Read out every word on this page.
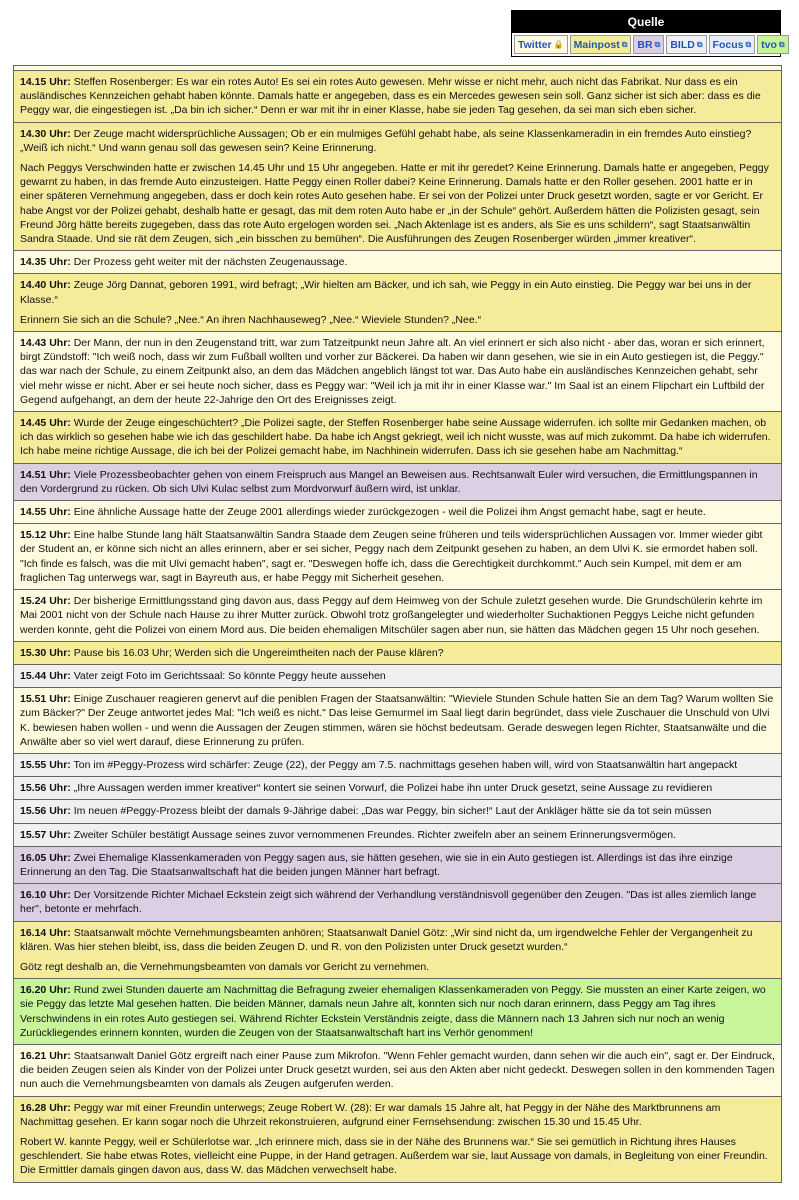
Quelle
Twitter 🔒 Mainpost ⧉ BR ⧉ BILD ⧉ Focus ⧉ tvo ⧉

14.15 Uhr: Steffen Rosenberger: Es war ein rotes Auto! Es sei ein rotes Auto gewesen. Mehr wisse er nicht mehr, auch nicht das Fabrikat. Nur dass es ein ausländisches Kennzeichen gehabt haben könnte. Damals hatte er angegeben, dass es ein Mercedes gewesen sein soll. Ganz sicher ist sich aber: dass es die Peggy war, die eingestiegen ist. „Da bin ich sicher.“ Denn er war mit ihr in einer Klasse, habe sie jeden Tag gesehen, da sei man sich eben sicher.

14.30 Uhr: Der Zeuge macht widersprüchliche Aussagen; Ob er ein mulmiges Gefühl gehabt habe, als seine Klassenkameradin in ein fremdes Auto einstieg? „Weiß ich nicht.“ Und wann genau soll das gewesen sein? Keine Erinnerung.

Nach Peggys Verschwinden hatte er zwischen 14.45 Uhr und 15 Uhr angegeben. Hatte er mit ihr geredet? Keine Erinnerung. Damals hatte er angegeben, Peggy gewarnt zu haben, in das fremde Auto einzusteigen. Hatte Peggy einen Roller dabei? Keine Erinnerung. Damals hatte er den Roller gesehen. 2001 hatte er in einer späteren Vernehmung angegeben, dass er doch kein rotes Auto gesehen habe. Er sei von der Polizei unter Druck gesetzt worden, sagte er vor Gericht. Er habe Angst vor der Polizei gehabt, deshalb hatte er gesagt, das mit dem roten Auto habe er „in der Schule“ gehört. Außerdem hätten die Polizisten gesagt, sein Freund Jörg hätte bereits zugegeben, dass das rote Auto ergelogen worden sei. „Nach Aktenlage ist es anders, als Sie es uns schildern“, sagt Staatsanwältin Sandra Staade. Und sie rät dem Zeugen, sich „ein bisschen zu bemühen“. Die Ausführungen des Zeugen Rosenberger würden „immer kreativer“.

14.35 Uhr: Der Prozess geht weiter mit der nächsten Zeugenaussage.

14.40 Uhr: Zeuge Jörg Dannat, geboren 1991, wird befragt; „Wir hielten am Bäcker, und ich sah, wie Peggy in ein Auto einstieg. Die Peggy war bei uns in der Klasse.“

Erinnern Sie sich an die Schule? „Nee.“ An ihren Nachhauseweg? „Nee.“ Wieviele Stunden? „Nee.“

14.43 Uhr: Der Mann, der nun in den Zeugenstand tritt, war zum Tatzeitpunkt neun Jahre alt. An viel erinnert er sich also nicht - aber das, woran er sich erinnert, birgt Zündstoff: "Ich weiß noch, dass wir zum Fußball wollten und vorher zur Bäckerei. Da haben wir dann gesehen, wie sie in ein Auto gestiegen ist, die Peggy." das war nach der Schule, zu einem Zeitpunkt also, an dem das Mädchen angeblich längst tot war. Das Auto habe ein ausländisches Kennzeichen gehabt, sehr viel mehr wisse er nicht. Aber er sei heute noch sicher, dass es Peggy war: "Weil ich ja mit ihr in einer Klasse war." Im Saal ist an einem Flipchart ein Luftbild der Gegend aufgehangt, an dem der heute 22-Jahrige den Ort des Ereignisses zeigt.

14.45 Uhr: Wurde der Zeuge eingeschüchtert? „Die Polizei sagte, der Steffen Rosenberger habe seine Aussage widerrufen. ich sollte mir Gedanken machen, ob ich das wirklich so gesehen habe wie ich das geschildert habe. Da habe ich Angst gekriegt, weil ich nicht wusste, was auf mich zukommt. Da habe ich widerrufen. Ich habe meine richtige Aussage, die ich bei der Polizei gemacht habe, im Nachhinein widerrufen. Dass ich sie gesehen habe am Nachmittag.“

14.51 Uhr: Viele Prozessbeobachter gehen von einem Freispruch aus Mangel an Beweisen aus. Rechtsanwalt Euler wird versuchen, die Ermittlungspannen in den Vordergrund zu rücken. Ob sich Ulvi Kulac selbst zum Mordvorwurf äußern wird, ist unklar.

14.55 Uhr: Eine ähnliche Aussage hatte der Zeuge 2001 allerdings wieder zurückgezogen - weil die Polizei ihm Angst gemacht habe, sagt er heute.

15.12 Uhr: Eine halbe Stunde lang hält Staatsanwältin Sandra Staade dem Zeugen seine früheren und teils widersprüchlichen Aussagen vor. Immer wieder gibt der Student an, er könne sich nicht an alles erinnern, aber er sei sicher, Peggy nach dem Zeitpunkt gesehen zu haben, an dem Ulvi K. sie ermordet haben soll. "Ich finde es falsch, was die mit Ulvi gemacht haben", sagt er. "Deswegen hoffe ich, dass die Gerechtigkeit durchkommt." Auch sein Kumpel, mit dem er am fraglichen Tag unterwegs war, sagt in Bayreuth aus, er habe Peggy mit Sicherheit gesehen.

15.24 Uhr: Der bisherige Ermittlungsstand ging davon aus, dass Peggy auf dem Heimweg von der Schule zuletzt gesehen wurde. Die Grundschülerin kehrte im Mai 2001 nicht von der Schule nach Hause zu ihrer Mutter zurück. Obwohl trotz großangelegter und wiederholter Suchaktionen Peggys Leiche nicht gefunden werden konnte, geht die Polizei von einem Mord aus. Die beiden ehemaligen Mitschüler sagen aber nun, sie hätten das Mädchen gegen 15 Uhr noch gesehen.

15.30 Uhr: Pause bis 16.03 Uhr; Werden sich die Ungereimtheiten nach der Pause klären?

15.44 Uhr: Vater zeigt Foto im Gerichtssaal: So könnte Peggy heute aussehen

15.51 Uhr: Einige Zuschauer reagieren genervt auf die peniblen Fragen der Staatsanwältin: "Wieviele Stunden Schule hatten Sie an dem Tag? Warum wollten Sie zum Bäcker?" Der Zeuge antwortet jedes Mal: "Ich weiß es nicht." Das leise Gemurmel im Saal liegt darin begründet, dass viele Zuschauer die Unschuld von Ulvi K. bewiesen haben wollen - und wenn die Aussagen der Zeugen stimmen, wären sie höchst bedeutsam. Gerade deswegen legen Richter, Staatsanwälte und die Anwälte aber so viel wert darauf, diese Erinnerung zu prüfen.

15.55 Uhr: Ton im #Peggy-Prozess wird schärfer: Zeuge (22), der Peggy am 7.5. nachmittags gesehen haben will, wird von Staatsanwältin hart angepackt

15.56 Uhr: „Ihre Aussagen werden immer kreativer“ kontert sie seinen Vorwurf, die Polizei habe ihn unter Druck gesetzt, seine Aussage zu revidieren

15.56 Uhr: Im neuen #Peggy-Prozess bleibt der damals 9-Jährige dabei: „Das war Peggy, bin sicher!“ Laut der Ankläger hätte sie da tot sein müssen

15.57 Uhr: Zweiter Schüler bestätigt Aussage seines zuvor vernommenen Freundes. Richter zweifeln aber an seinem Erinnerungsvermögen.

16.05 Uhr: Zwei Ehemalige Klassenkameraden von Peggy sagen aus, sie hätten gesehen, wie sie in ein Auto gestiegen ist. Allerdings ist das ihre einzige Erinnerung an den Tag. Die Staatsanwaltschaft hat die beiden jungen Männer hart befragt.

16.10 Uhr: Der Vorsitzende Richter Michael Eckstein zeigt sich während der Verhandlung verständnisvoll gegenüber den Zeugen. "Das ist alles ziemlich lange her", betonte er mehrfach.

16.14 Uhr: Staatsanwalt möchte Vernehmungsbeamten anhören; Staatsanwalt Daniel Götz: „Wir sind nicht da, um irgendwelche Fehler der Vergangenheit zu klären. Was hier stehen bleibt, iss, dass die beiden Zeugen D. und R. von den Polizisten unter Druck gesetzt wurden.“

Götz regt deshalb an, die Vernehmungsbeamten von damals vor Gericht zu vernehmen.

16.20 Uhr: Rund zwei Stunden dauerte am Nachmittag die Befragung zweier ehemaligen Klassenkameraden von Peggy. Sie mussten an einer Karte zeigen, wo sie Peggy das letzte Mal gesehen hatten. Die beiden Männer, damals neun Jahre alt, konnten sich nur noch daran erinnern, dass Peggy am Tag ihres Verschwindens in ein rotes Auto gestiegen sei. Während Richter Eckstein Verständnis zeigte, dass die Männern nach 13 Jahren sich nur noch an wenig Zurückliegendes erinnern konnten, wurden die Zeugen von der Staatsanwaltschaft hart ins Verhör genommen!

16.21 Uhr: Staatsanwalt Daniel Götz ergreift nach einer Pause zum Mikrofon. "Wenn Fehler gemacht wurden, dann sehen wir die auch ein", sagt er. Der Eindruck, die beiden Zeugen seien als Kinder von der Polizei unter Druck gesetzt wurden, sei aus den Akten aber nicht gedeckt. Deswegen sollen in den kommenden Tagen nun auch die Vernehmungsbeamten von damals als Zeugen aufgerufen werden.

16.28 Uhr: Peggy war mit einer Freundin unterwegs; Zeuge Robert W. (28): Er war damals 15 Jahre alt, hat Peggy in der Nähe des Marktbrunnens am Nachmittag gesehen. Er kann sogar noch die Uhrzeit rekonstruieren, aufgrund einer Fernsehsendung: zwischen 15.30 und 15.45 Uhr.

Robert W. kannte Peggy, weil er Schülerlotse war. „Ich erinnere mich, dass sie in der Nähe des Brunnens war.“ Sie sei gemütlich in Richtung ihres Hauses geschlendert. Sie habe etwas Rotes, vielleicht eine Puppe, in der Hand getragen. Außerdem war sie, laut Aussage von damals, in Begleitung von einer Freundin. Die Ermittler damals gingen davon aus, dass W. das Mädchen verwechselt habe.
